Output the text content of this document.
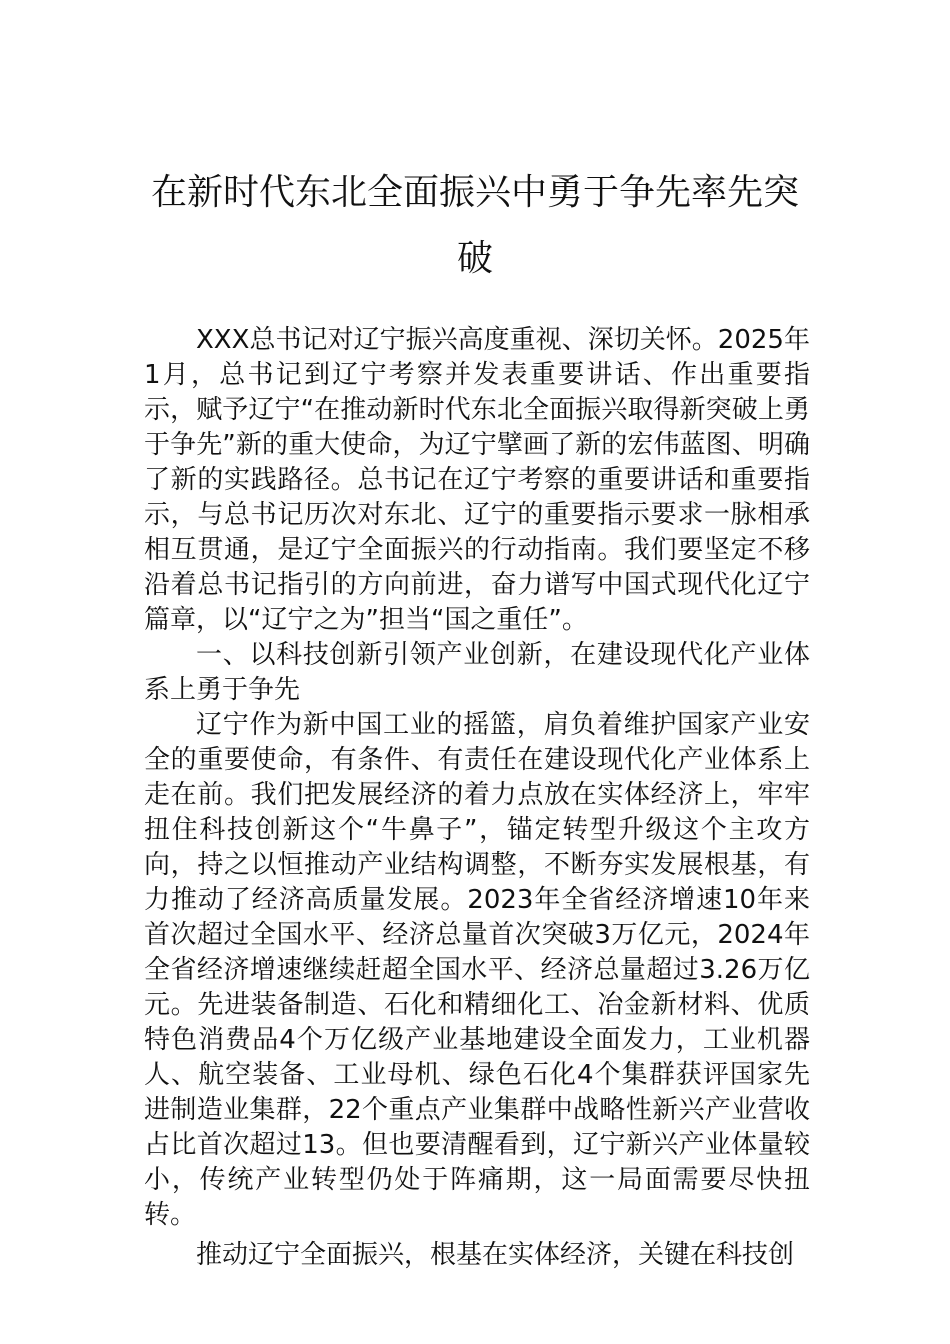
在新时代东北全面振兴中勇于争先率先突破

XXX总书记对辽宁振兴高度重视、深切关怀。2025年1月，总书记到辽宁考察并发表重要讲话、作出重要指示，赋予辽宁“在推动新时代东北全面振兴取得新突破上勇于争先”新的重大使命，为辽宁擘画了新的宏伟蓝图、明确了新的实践路径。总书记在辽宁考察的重要讲话和重要指示，与总书记历次对东北、辽宁的重要指示要求一脉相承相互贯通，是辽宁全面振兴的行动指南。我们要坚定不移沿着总书记指引的方向前进，奋力谱写中国式现代化辽宁篇章，以“辽宁之为”担当“国之重任”。

一、以科技创新引领产业创新，在建设现代化产业体系上勇于争先

辽宁作为新中国工业的摇篮，肩负着维护国家产业安全的重要使命，有条件、有责任在建设现代化产业体系上走在前。我们把发展经济的着力点放在实体经济上，牢牢扭住科技创新这个“牛鼻子”，锚定转型升级这个主攻方向，持之以恒推动产业结构调整，不断夯实发展根基，有力推动了经济高质量发展。2023年全省经济增速10年来首次超过全国水平、经济总量首次突破3万亿元，2024年全省经济增速继续赶超全国水平、经济总量超过3.26万亿元。先进装备制造、石化和精细化工、冶金新材料、优质特色消费品4个万亿级产业基地建设全面发力，工业机器人、航空装备、工业母机、绿色石化4个集群获评国家先进制造业集群，22个重点产业集群中战略性新兴产业营收占比首次超过13。但也要清醒看到，辽宁新兴产业体量较小，传统产业转型仍处于阵痛期，这一局面需要尽快扭转。

推动辽宁全面振兴，根基在实体经济，关键在科技创
